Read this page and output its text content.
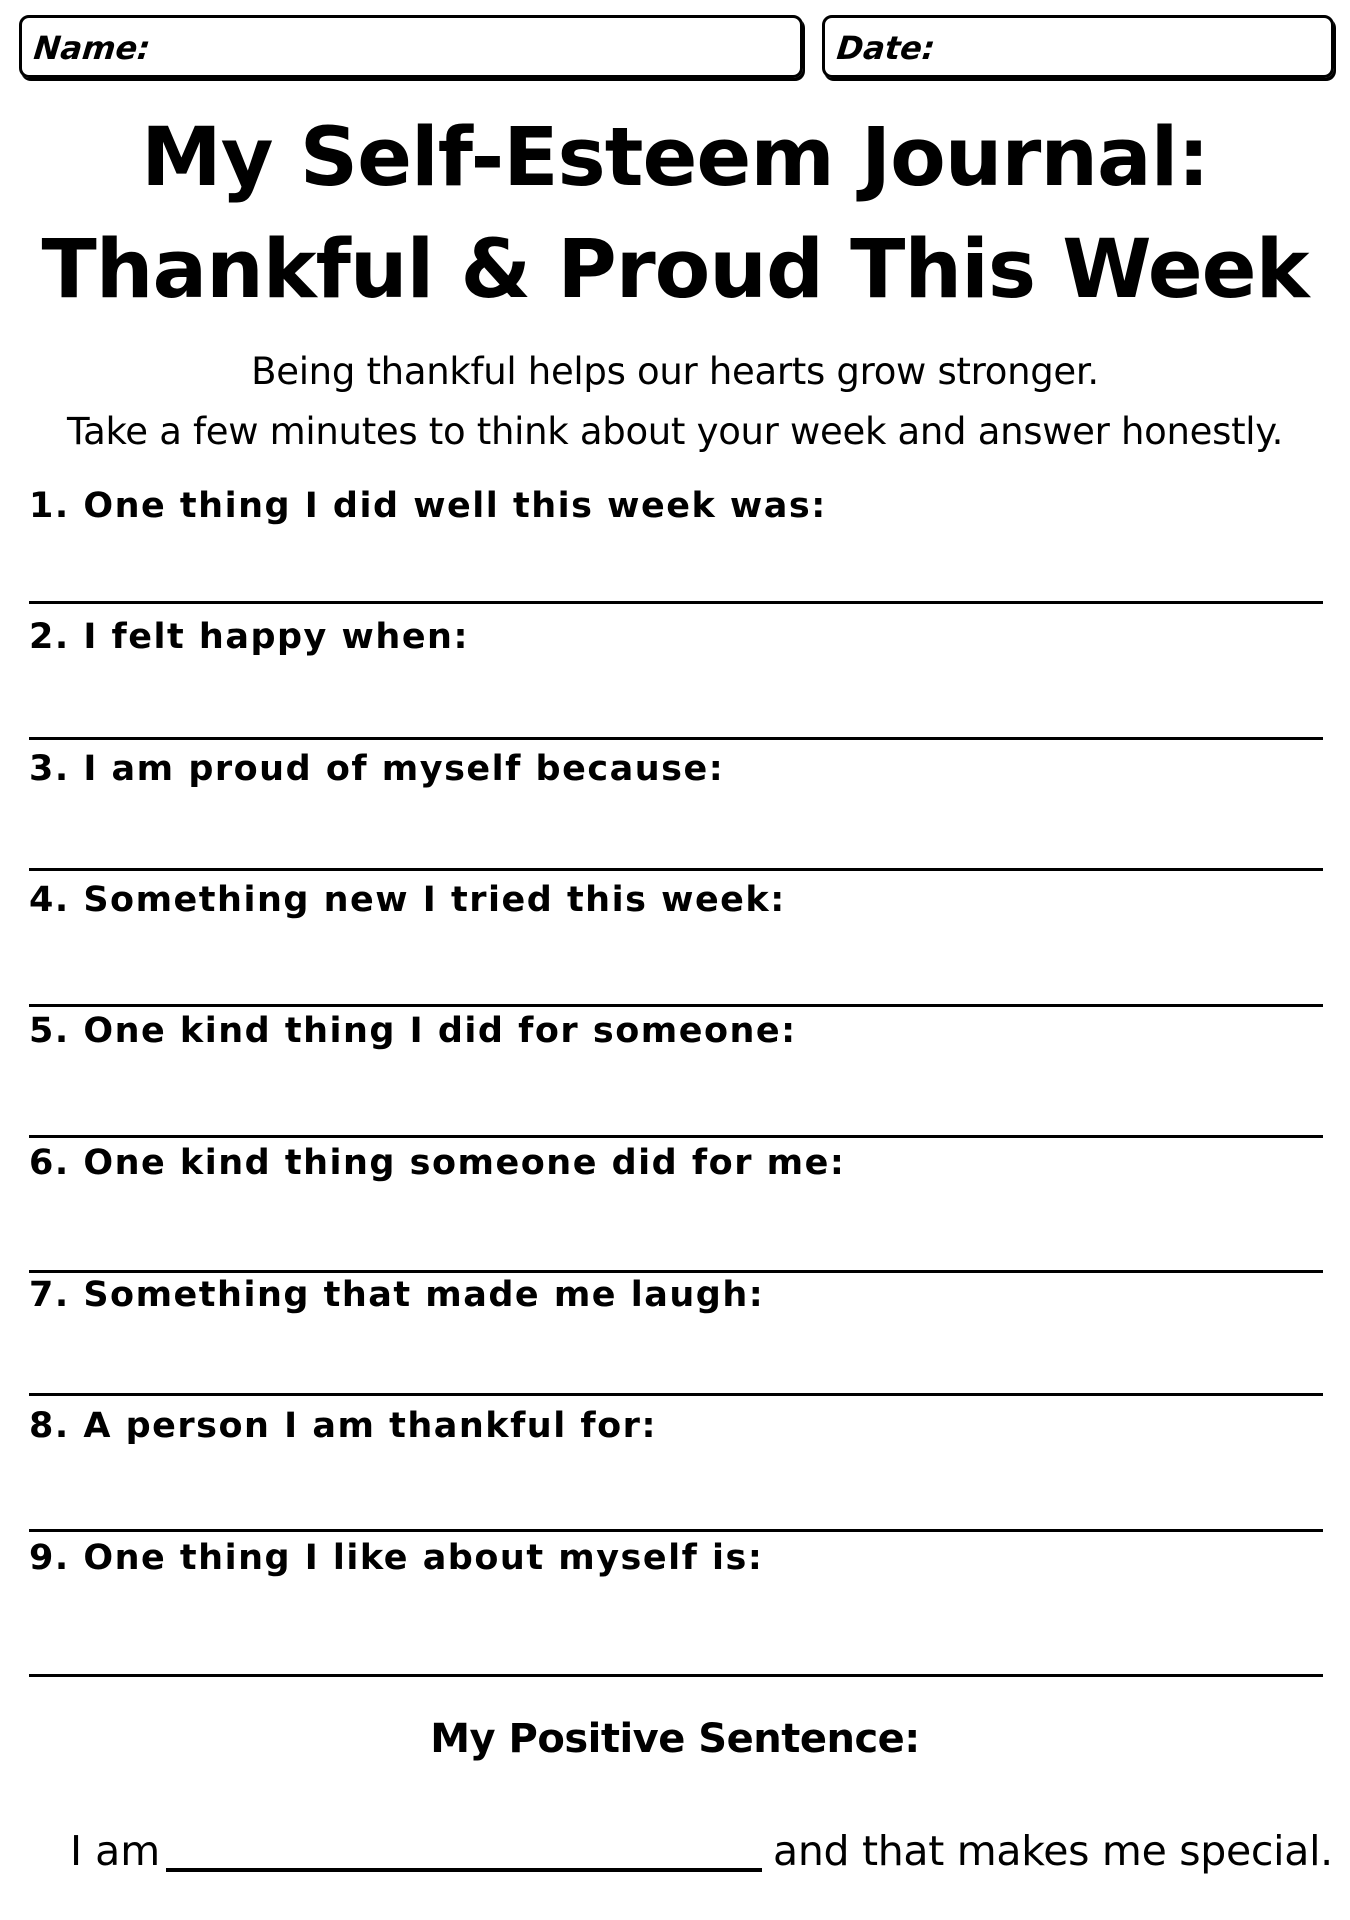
Name:	Date:
My Self-Esteem Journal:
Thankful & Proud This Week
Being thankful helps our hearts grow stronger.
Take a few minutes to think about your week and answer honestly.
1. One thing I did well this week was:
2. I felt happy when:
3. I am proud of myself because:
4. Something new I tried this week:
5. One kind thing I did for someone:
6. One kind thing someone did for me:
7. Something that made me laugh:
8. A person I am thankful for:
9. One thing I like about myself is:
My Positive Sentence:
I am	and that makes me special.
